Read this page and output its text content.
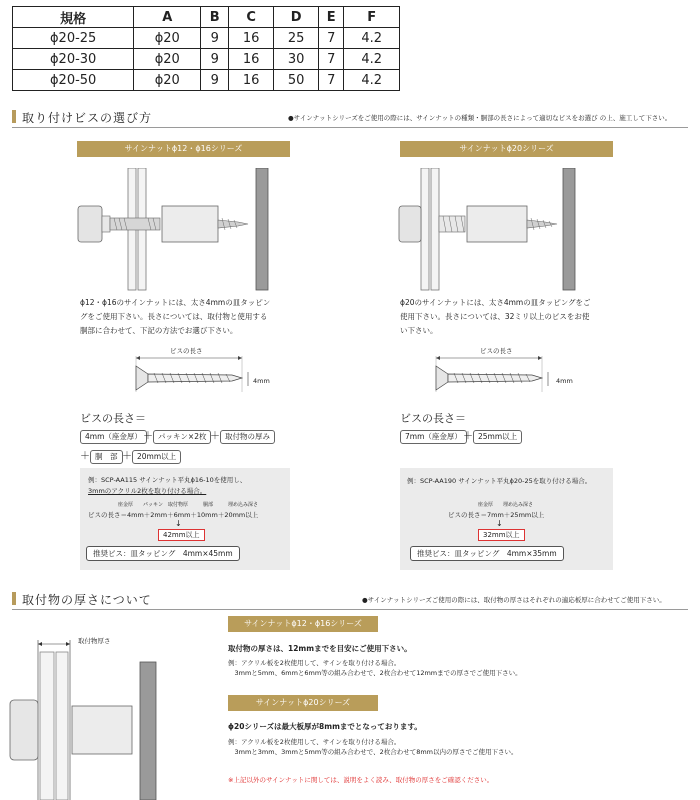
規格	A	B	C	D	E	F
ϕ20-25	ϕ20	9	16	25	7	4.2
ϕ20-30	ϕ20	9	16	30	7	4.2
ϕ20-50	ϕ20	9	16	50	7	4.2
取り付けビスの選び方	●サインナットシリーズをご使用の際には、サインナットの種類・胴部の長さによって適切なビスをお選び の上、施工して下さい。
サインナットϕ12・ϕ16シリーズ
ϕ12・ϕ16のサインナットには、太さ4mmの皿タッピン
グをご使用下さい。長さについては、取付物と使用する
胴部に合わせて、下記の方法でお選び下さい。
ビスの長さ
4mm
ビスの長さ＝
4mm（座金厚） ＋ パッキン×2枚 ＋ 取付物の厚み
＋ 胴　部 ＋ 20mm以上
例：SCP-AA115 サインナット平丸ϕ16-10を使用し、
3mmのアクリル2枚を取り付ける場合。
座金厚　　パッキン　取付物厚　　　胴部　　　埋め込み深さ
ビスの長さ＝4mm＋2mm＋6mm＋10mm＋20mm以上
↓
42mm以上
推奨ビス：皿タッピング　4mm×45mm
サインナットϕ20シリーズ
ϕ20のサインナットには、太さ4mmの皿タッピングをご
使用下さい。長さについては、32ミリ以上のビスをお使
い下さい。
ビスの長さ
4mm
ビスの長さ＝
7mm（座金厚） ＋ 25mm以上
例：SCP-AA190 サインナット平丸ϕ20-25を取り付ける場合。
座金厚　　埋め込み深さ
ビスの長さ＝7mm＋25mm以上
↓
32mm以上
推奨ビス：皿タッピング　4mm×35mm
取付物の厚さについて	●サインナットシリーズご使用の際には、取付物の厚さはそれぞれの適応板厚に合わせてご使用下さい。
取付物厚さ
サインナットϕ12・ϕ16シリーズ
取付物の厚さは、12mmまでを目安にご使用下さい。
例：アクリル板を2枚使用して、サインを取り付ける場合。
　3mmと5mm、6mmと6mm等の組み合わせで、2枚合わせて12mmまでの厚さでご使用下さい。
サインナットϕ20シリーズ
ϕ20シリーズは最大板厚が8mmまでとなっております。
例：アクリル板を2枚使用して、サインを取り付ける場合。
　3mmと3mm、3mmと5mm等の組み合わせで、2枚合わせて8mm以内の厚さでご使用下さい。
※上記以外のサインナットに関しては、説明をよく読み、取付物の厚さをご確認ください。
